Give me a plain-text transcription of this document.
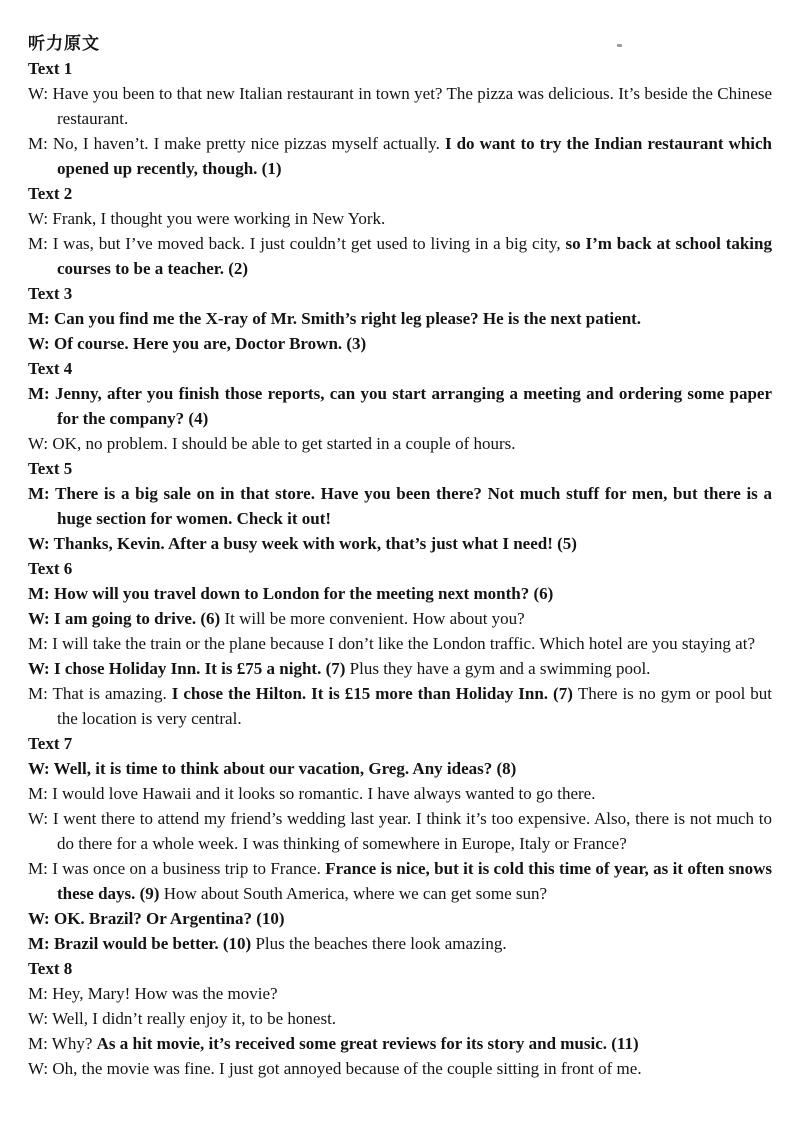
听力原文
Text 1

W: Have you been to that new Italian restaurant in town yet? The pizza was delicious. It’s beside the Chinese restaurant.

M: No, I haven’t. I make pretty nice pizzas myself actually. I do want to try the Indian restaurant which opened up recently, though. (1)

Text 2

W: Frank, I thought you were working in New York.

M: I was, but I’ve moved back. I just couldn’t get used to living in a big city, so I’m back at school taking courses to be a teacher. (2)

Text 3

M: Can you find me the X-ray of Mr. Smith’s right leg please? He is the next patient.

W: Of course. Here you are, Doctor Brown. (3)

Text 4

M: Jenny, after you finish those reports, can you start arranging a meeting and ordering some paper for the company? (4)

W: OK, no problem. I should be able to get started in a couple of hours.

Text 5

M: There is a big sale on in that store. Have you been there? Not much stuff for men, but there is a huge section for women. Check it out!

W: Thanks, Kevin. After a busy week with work, that’s just what I need! (5)

Text 6

M: How will you travel down to London for the meeting next month? (6)

W: I am going to drive. (6) It will be more convenient. How about you?

M: I will take the train or the plane because I don’t like the London traffic. Which hotel are you staying at?

W: I chose Holiday Inn. It is £75 a night. (7) Plus they have a gym and a swimming pool.

M: That is amazing. I chose the Hilton. It is £15 more than Holiday Inn. (7) There is no gym or pool but the location is very central.

Text 7

W: Well, it is time to think about our vacation, Greg. Any ideas? (8)

M: I would love Hawaii and it looks so romantic. I have always wanted to go there.

W: I went there to attend my friend’s wedding last year. I think it’s too expensive. Also, there is not much to do there for a whole week. I was thinking of somewhere in Europe, Italy or France?

M: I was once on a business trip to France. France is nice, but it is cold this time of year, as it often snows these days. (9) How about South America, where we can get some sun?

W: OK. Brazil? Or Argentina? (10)

M: Brazil would be better. (10) Plus the beaches there look amazing.

Text 8

M: Hey, Mary! How was the movie?

W: Well, I didn’t really enjoy it, to be honest.

M: Why? As a hit movie, it’s received some great reviews for its story and music. (11)

W: Oh, the movie was fine. I just got annoyed because of the couple sitting in front of me.
